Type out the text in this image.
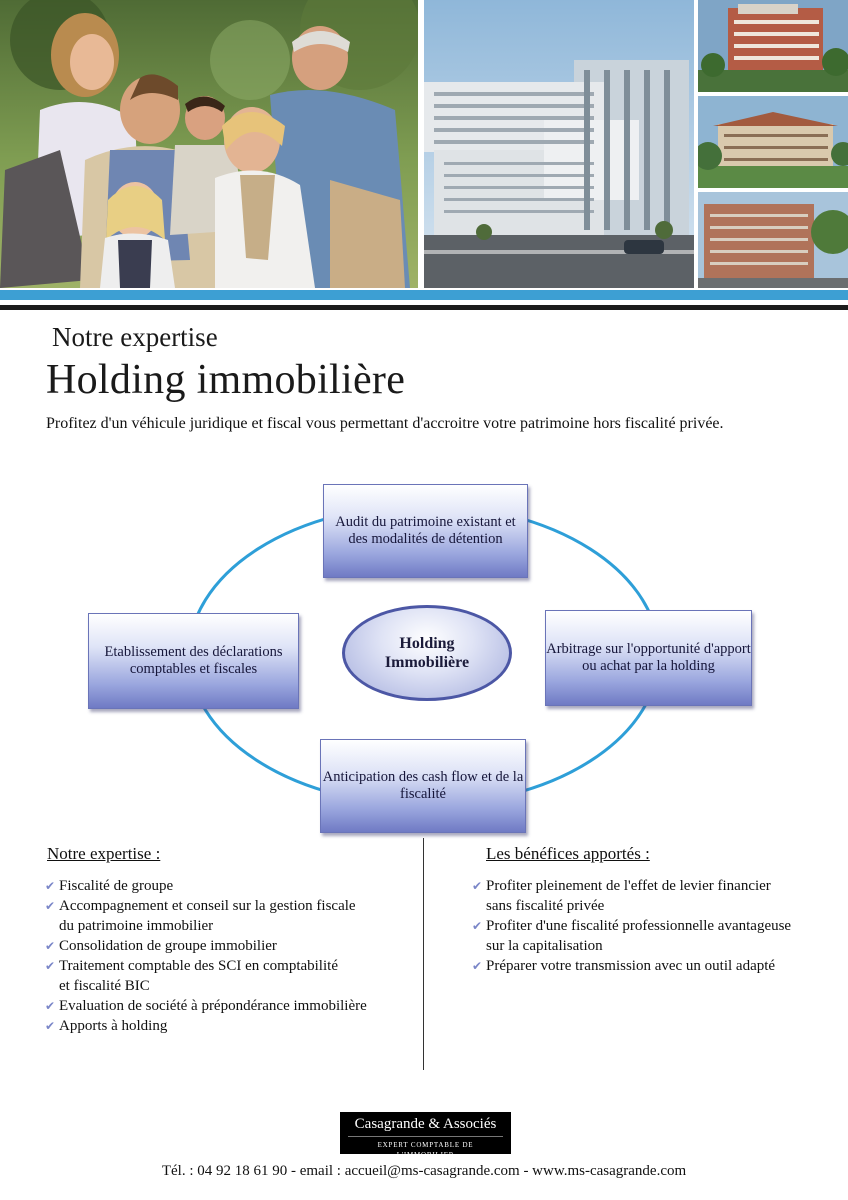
Notre expertise
Holding immobilière
Profitez d'un véhicule juridique et fiscal vous permettant d'accroitre votre patrimoine hors fiscalité privée.
Audit du patrimoine existant et des modalités de détention
Arbitrage sur l'opportunité d'apport ou achat par la holding
Anticipation des cash flow et de la fiscalité
Etablissement des déclarations comptables et fiscales
Holding
Immobilière
Notre expertise :
✔ Fiscalité de groupe
✔ Accompagnement et conseil sur la gestion fiscale
du patrimoine immobilier
✔ Consolidation de groupe immobilier
✔ Traitement comptable des SCI en comptabilité
et fiscalité BIC
✔ Evaluation de société à prépondérance immobilière
✔ Apports à holding
Les bénéfices apportés :
✔ Profiter pleinement de l'effet de levier financier
sans fiscalité privée
✔ Profiter d'une fiscalité professionnelle avantageuse
sur la capitalisation
✔ Préparer votre transmission avec un outil adapté
Casagrande & Associés
EXPERT COMPTABLE DE L'IMMOBILIER
Tél. : 04 92 18 61 90 - email : accueil@ms-casagrande.com - www.ms-casagrande.com
